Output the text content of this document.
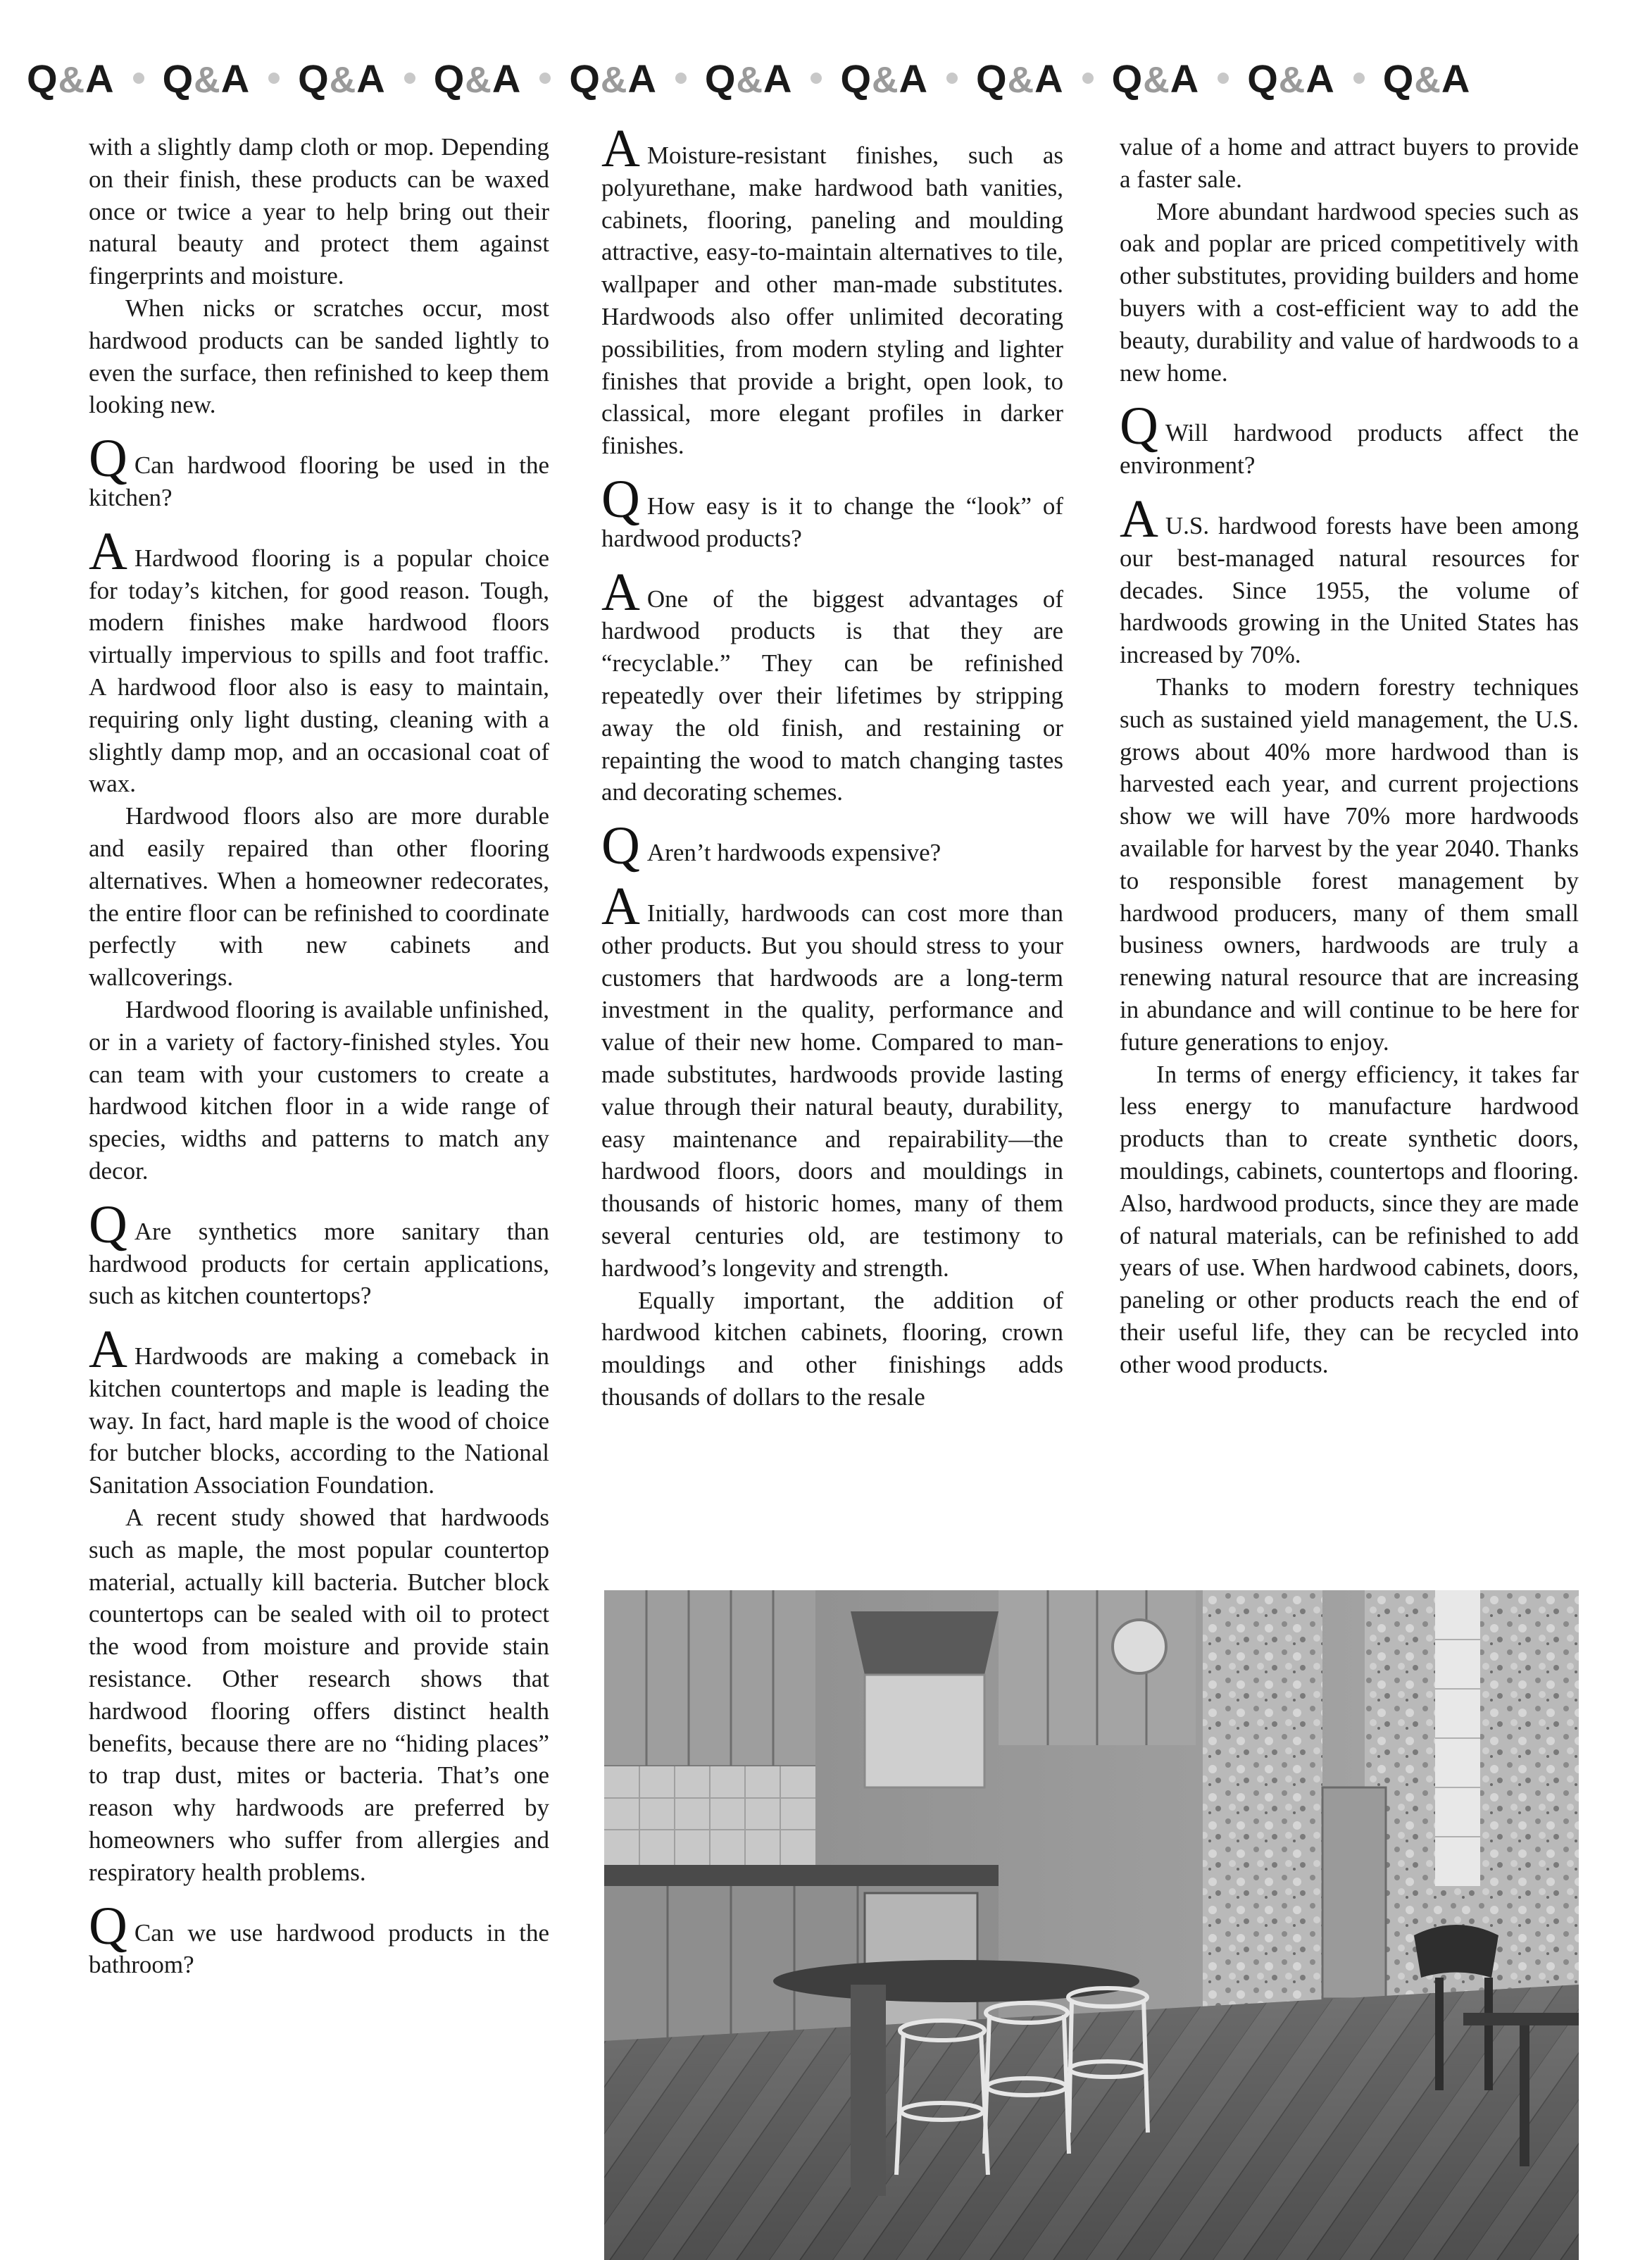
Q&A Q&A Q&A Q&A Q&A Q&A Q&A Q&A Q&A Q&A Q&A

with a slightly damp cloth or mop. Depending on their finish, these products can be waxed once or twice a year to help bring out their natural beauty and protect them against fingerprints and moisture.

When nicks or scratches occur, most hardwood products can be sanded lightly to even the surface, then refinished to keep them looking new.

Q Can hardwood flooring be used in the kitchen?

A Hardwood flooring is a popular choice for today’s kitchen, for good reason. Tough, modern finishes make hardwood floors virtually impervious to spills and foot traffic. A hardwood floor also is easy to maintain, requiring only light dusting, cleaning with a slightly damp mop, and an occasional coat of wax.

Hardwood floors also are more durable and easily repaired than other flooring alternatives. When a homeowner redecorates, the entire floor can be refinished to coordinate perfectly with new cabinets and wallcoverings.

Hardwood flooring is available unfinished, or in a variety of factory-finished styles. You can team with your customers to create a hardwood kitchen floor in a wide range of species, widths and patterns to match any decor.

Q Are synthetics more sanitary than hardwood products for certain applications, such as kitchen countertops?

A Hardwoods are making a comeback in kitchen countertops and maple is leading the way. In fact, hard maple is the wood of choice for butcher blocks, according to the National Sanitation Association Foundation.

A recent study showed that hardwoods such as maple, the most popular countertop material, actually kill bacteria. Butcher block countertops can be sealed with oil to protect the wood from moisture and provide stain resistance. Other research shows that hardwood flooring offers distinct health benefits, because there are no “hiding places” to trap dust, mites or bacteria. That’s one reason why hardwoods are preferred by homeowners who suffer from allergies and respiratory health problems.

Q Can we use hardwood products in the bathroom?

A Moisture-resistant finishes, such as polyurethane, make hardwood bath vanities, cabinets, flooring, paneling and moulding attractive, easy-to-maintain alternatives to tile, wallpaper and other man-made substitutes. Hardwoods also offer unlimited decorating possibilities, from modern styling and lighter finishes that provide a bright, open look, to classical, more elegant profiles in darker finishes.

Q How easy is it to change the “look” of hardwood products?

A One of the biggest advantages of hardwood products is that they are “recyclable.” They can be refinished repeatedly over their lifetimes by stripping away the old finish, and restaining or repainting the wood to match changing tastes and decorating schemes.

Q Aren’t hardwoods expensive?

A Initially, hardwoods can cost more than other products. But you should stress to your customers that hardwoods are a long-term investment in the quality, performance and value of their new home. Compared to man-made substitutes, hardwoods provide lasting value through their natural beauty, durability, easy maintenance and repairability—the hardwood floors, doors and mouldings in thousands of historic homes, many of them several centuries old, are testimony to hardwood’s longevity and strength.

Equally important, the addition of hardwood kitchen cabinets, flooring, crown mouldings and other finishings adds thousands of dollars to the resale

value of a home and attract buyers to provide a faster sale.

More abundant hardwood species such as oak and poplar are priced competitively with other substitutes, providing builders and home buyers with a cost-efficient way to add the beauty, durability and value of hardwoods to a new home.

Q Will hardwood products affect the environment?

A U.S. hardwood forests have been among our best-managed natural resources for decades. Since 1955, the volume of hardwoods growing in the United States has increased by 70%.

Thanks to modern forestry techniques such as sustained yield management, the U.S. grows about 40% more hardwood than is harvested each year, and current projections show we will have 70% more hardwoods available for harvest by the year 2040. Thanks to responsible forest management by hardwood producers, many of them small business owners, hardwoods are truly a renewing natural resource that are increasing in abundance and will continue to be here for future generations to enjoy.

In terms of energy efficiency, it takes far less energy to manufacture hardwood products than to create synthetic doors, mouldings, cabinets, countertops and flooring. Also, hardwood products, since they are made of natural materials, can be refinished to add years of use. When hardwood cabinets, doors, paneling or other products reach the end of their useful life, they can be recycled into other wood products.
